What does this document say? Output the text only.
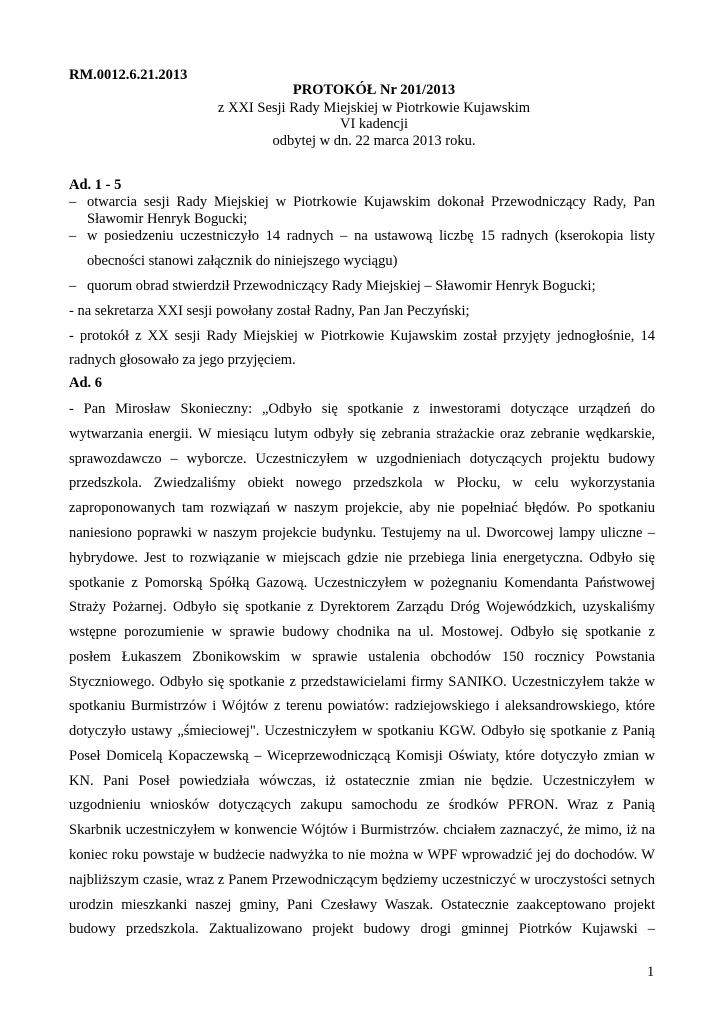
RM.0012.6.21.2013
PROTOKÓŁ Nr 201/2013
z XXI Sesji Rady Miejskiej w Piotrkowie Kujawskim
VI kadencji
odbytej w dn. 22 marca 2013 roku.
Ad. 1 - 5
– otwarcia sesji Rady Miejskiej w Piotrkowie Kujawskim dokonał Przewodniczący Rady, Pan
Sławomir Henryk Bogucki;
– w posiedzeniu uczestniczyło 14 radnych – na ustawową liczbę 15 radnych (kserokopia listy
obecności stanowi załącznik do niniejszego wyciągu)
– quorum obrad stwierdził Przewodniczący Rady Miejskiej – Sławomir Henryk Bogucki;
- na sekretarza XXI sesji powołany został Radny, Pan Jan Peczyński;
- protokół z XX sesji Rady Miejskiej w Piotrkowie Kujawskim został przyjęty jednogłośnie, 14
radnych głosowało za jego przyjęciem.
Ad. 6
- Pan Mirosław Skonieczny: „Odbyło się spotkanie z inwestorami dotyczące urządzeń do
wytwarzania energii. W miesiącu lutym odbyły się zebrania strażackie oraz zebranie wędkarskie,
sprawozdawczo – wyborcze. Uczestniczyłem w uzgodnieniach dotyczących projektu budowy
przedszkola. Zwiedzaliśmy obiekt nowego przedszkola w Płocku, w celu wykorzystania
zaproponowanych tam rozwiązań w naszym projekcie, aby nie popełniać błędów. Po spotkaniu
naniesiono poprawki w naszym projekcie budynku. Testujemy na ul. Dworcowej lampy uliczne –
hybrydowe. Jest to rozwiązanie w miejscach gdzie nie przebiega linia energetyczna. Odbyło się
spotkanie z Pomorską Spółką Gazową. Uczestniczyłem w pożegnaniu Komendanta Państwowej
Straży Pożarnej. Odbyło się spotkanie z Dyrektorem Zarządu Dróg Wojewódzkich, uzyskaliśmy
wstępne porozumienie w sprawie budowy chodnika na ul. Mostowej. Odbyło się spotkanie z
posłem Łukaszem Zbonikowskim w sprawie ustalenia obchodów 150 rocznicy Powstania
Styczniowego. Odbyło się spotkanie z przedstawicielami firmy SANIKO. Uczestniczyłem także w
spotkaniu Burmistrzów i Wójtów z terenu powiatów: radziejowskiego i aleksandrowskiego, które
dotyczyło ustawy „śmieciowej". Uczestniczyłem w spotkaniu KGW. Odbyło się spotkanie z Panią
Poseł Domicelą Kopaczewską – Wiceprzewodniczącą Komisji Oświaty, które dotyczyło zmian w
KN. Pani Poseł powiedziała wówczas, iż ostatecznie zmian nie będzie. Uczestniczyłem w
uzgodnieniu wniosków dotyczących zakupu samochodu ze środków PFRON. Wraz z Panią
Skarbnik uczestniczyłem w konwencie Wójtów i Burmistrzów. chciałem zaznaczyć, że mimo, iż na
koniec roku powstaje w budżecie nadwyżka to nie można w WPF wprowadzić jej do dochodów. W
najbliższym czasie, wraz z Panem Przewodniczącym będziemy uczestniczyć w uroczystości setnych
urodzin mieszkanki naszej gminy, Pani Czesławy Waszak. Ostatecznie zaakceptowano projekt
budowy przedszkola. Zaktualizowano projekt budowy drogi gminnej Piotrków Kujawski –
1
